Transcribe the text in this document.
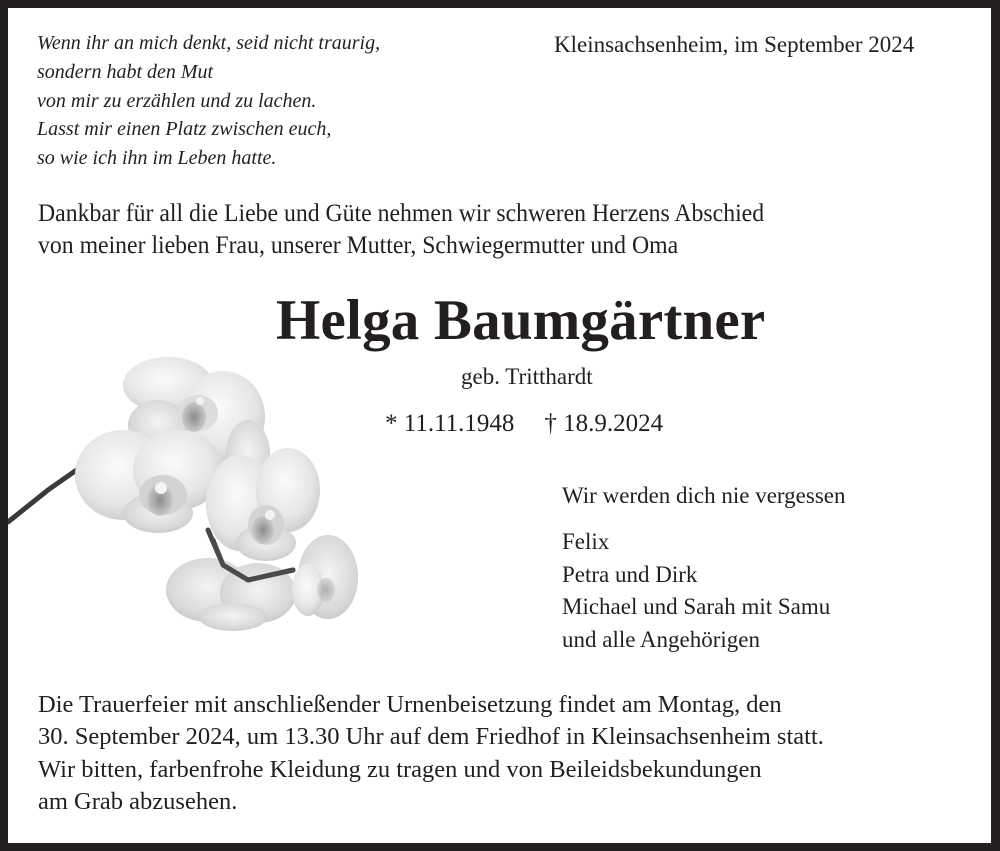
Wenn ihr an mich denkt, seid nicht traurig,
sondern habt den Mut
von mir zu erzählen und zu lachen.
Lasst mir einen Platz zwischen euch,
so wie ich ihn im Leben hatte.
Kleinsachsenheim, im September 2024
Dankbar für all die Liebe und Güte nehmen wir schweren Herzens Abschied
von meiner lieben Frau, unserer Mutter, Schwiegermutter und Oma
Helga Baumgärtner
geb. Tritthardt
* 11.11.1948 † 18.9.2024
Wir werden dich nie vergessen
Felix
Petra und Dirk
Michael und Sarah mit Samu
und alle Angehörigen
Die Trauerfeier mit anschließender Urnenbeisetzung findet am Montag, den
30. September 2024, um 13.30 Uhr auf dem Friedhof in Kleinsachsenheim statt.
Wir bitten, farbenfrohe Kleidung zu tragen und von Beileidsbekundungen
am Grab abzusehen.
